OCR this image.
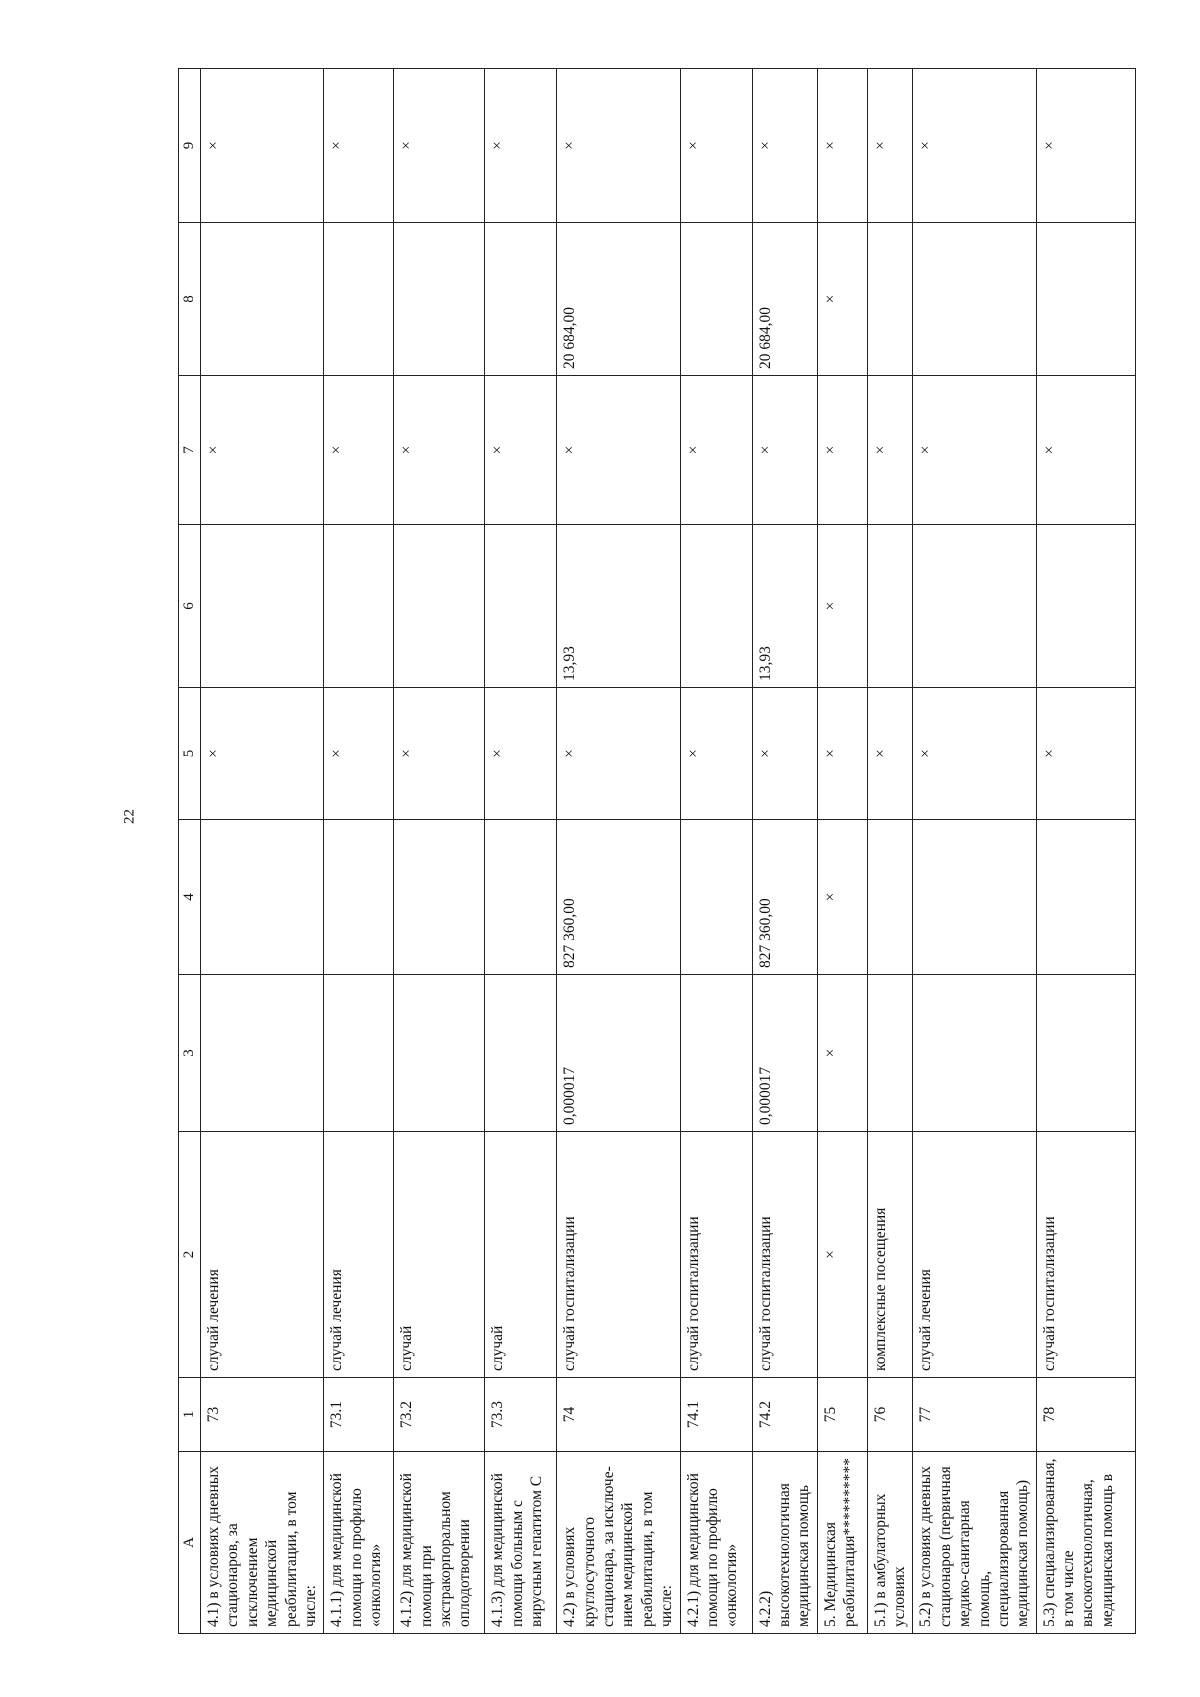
22
А	1	2	3	4	5	6	7	8	9
4.1) в условиях дневных стационаров, за исключением медицинской реабилитации, в том числе:	73	случай лечения			×		×		×
4.1.1) для медицинской помощи по профилю «онкология»	73.1	случай лечения			×		×		×
4.1.2) для медицинской помощи при экстракорпоральном оплодотворении	73.2	случай			×		×		×
4.1.3) для медицинской помощи больным с вирусным гепатитом С	73.3	случай			×		×		×
4.2) в условиях круглосуточного стационара, за исключе-нием медицинской реабилитации, в том числе:	74	случай госпитализации	0,000017	827 360,00	×	13,93	×	20 684,00	×
4.2.1) для медицинской помощи по профилю «онкология»	74.1	случай госпитализации			×		×		×
4.2.2) высокотехнологичная медицинская помощь	74.2	случай госпитализации	0,000017	827 360,00	×	13,93	×	20 684,00	×
5. Медицинская реабилитация**********	75	×	×	×	×	×	×	×	×
5.1) в амбулаторных условиях	76	комплексные посещения			×		×		×
5.2) в условиях дневных стационаров (первичная медико-санитарная помощь, специализированная медицинская помощь)	77	случай лечения			×		×		×
5.3) специализированная, в том числе высокотехнологичная, медицинская помощь в	78	случай госпитализации			×		×		×
